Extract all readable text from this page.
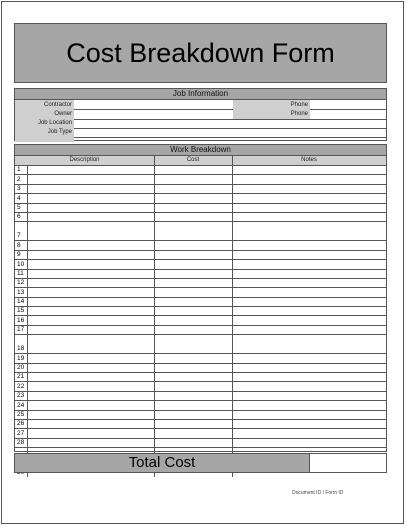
Cost Breakdown Form
Job Information
Contractor
Owner
Job Location
Job Type
Phone
Phone
Work Breakdown
Description	Cost	Notes
1
2
3
4
5
6
7
8
9
10
11
12
13
14
15
16
17
18
19
20
21
22
23
24
25
26
27
28
Total Cost
Document ID / Form ID
